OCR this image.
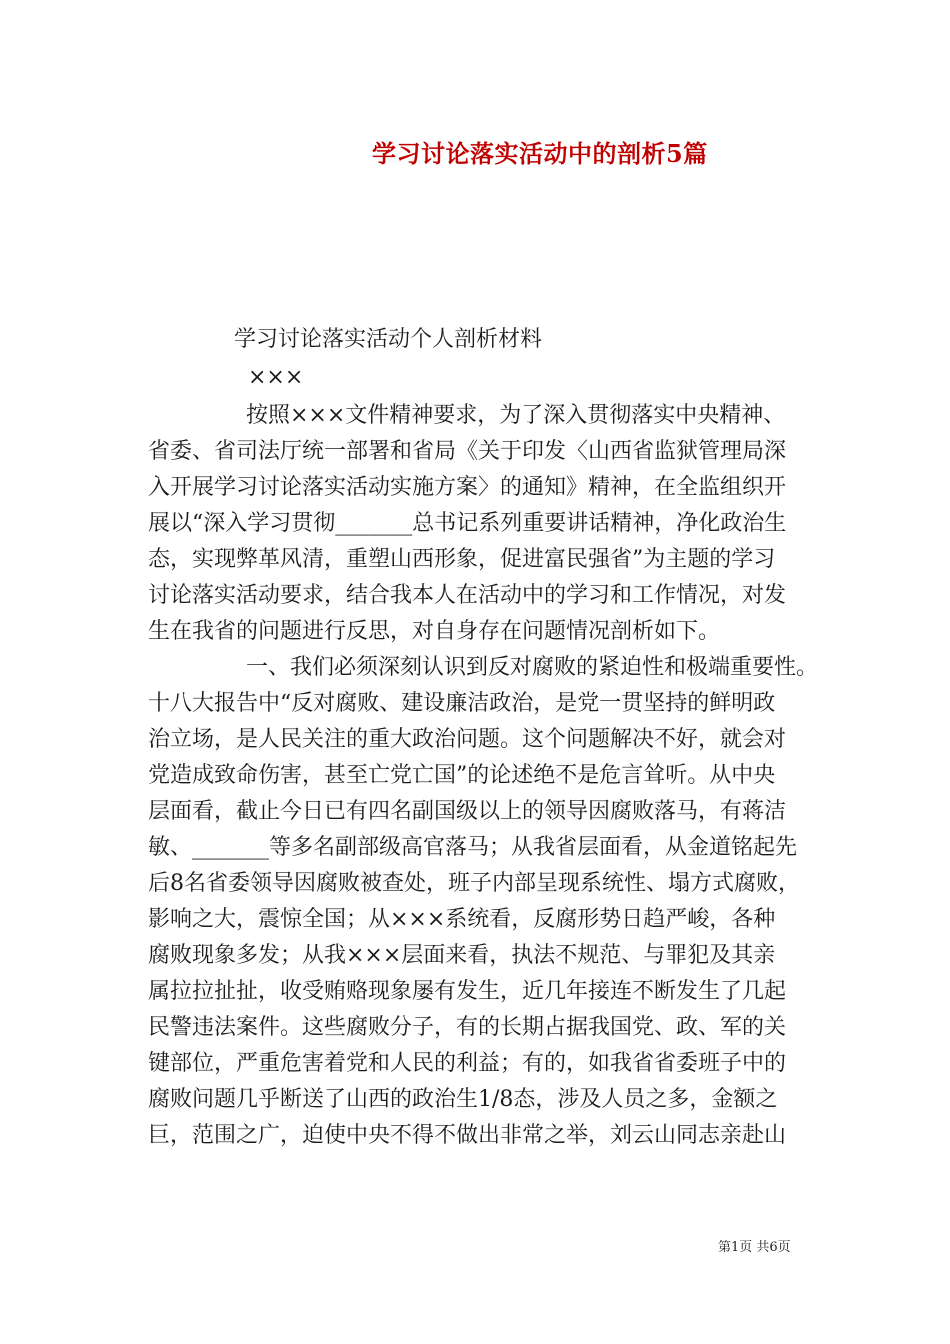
学习讨论落实活动中的剖析5篇
学习讨论落实活动个人剖析材料
×××
按照×××文件精神要求，为了深入贯彻落实中央精神、
省委、省司法厅统一部署和省局《关于印发〈山西省监狱管理局深
入开展学习讨论落实活动实施方案〉的通知》精神，在全监组织开
展以“深入学习贯彻_______总书记系列重要讲话精神，净化政治生
态，实现弊革风清，重塑山西形象，促进富民强省”为主题的学习
讨论落实活动要求，结合我本人在活动中的学习和工作情况，对发
生在我省的问题进行反思，对自身存在问题情况剖析如下。
一、我们必须深刻认识到反对腐败的紧迫性和极端重要性。
十八大报告中“反对腐败、建设廉洁政治，是党一贯坚持的鲜明政
治立场，是人民关注的重大政治问题。这个问题解决不好，就会对
党造成致命伤害，甚至亡党亡国”的论述绝不是危言耸听。从中央
层面看，截止今日已有四名副国级以上的领导因腐败落马，有蒋洁
敏、_______等多名副部级高官落马；从我省层面看，从金道铭起先
后8名省委领导因腐败被查处，班子内部呈现系统性、塌方式腐败，
影响之大，震惊全国；从×××系统看，反腐形势日趋严峻，各种
腐败现象多发；从我×××层面来看，执法不规范、与罪犯及其亲
属拉拉扯扯，收受贿赂现象屡有发生，近几年接连不断发生了几起
民警违法案件。这些腐败分子，有的长期占据我国党、政、军的关
键部位，严重危害着党和人民的利益；有的，如我省省委班子中的
腐败问题几乎断送了山西的政治生1/8态，涉及人员之多，金额之
巨，范围之广，迫使中央不得不做出非常之举，刘云山同志亲赴山
第1页 共6页
